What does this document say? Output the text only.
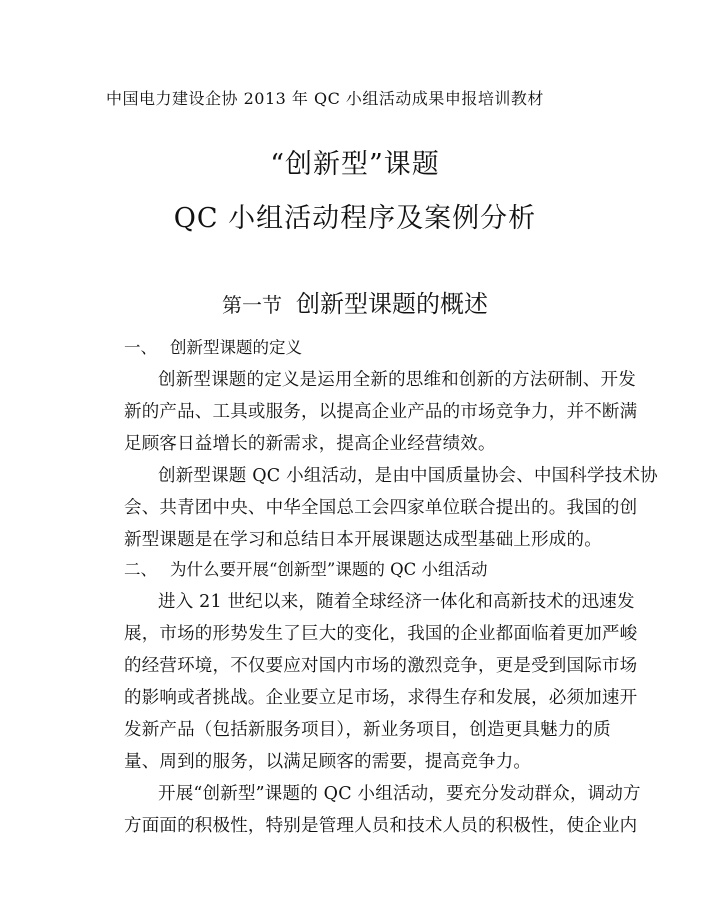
中国电力建设企协 2013 年 QC 小组活动成果申报培训教材
“创新型”课题
QC 小组活动程序及案例分析
第一节 创新型课题的概述
一、 创新型课题的定义
创新型课题的定义是运用全新的思维和创新的方法研制、开发
新的产品、工具或服务，以提高企业产品的市场竞争力，并不断满
足顾客日益增长的新需求，提高企业经营绩效。
创新型课题 QC 小组活动，是由中国质量协会、中国科学技术协
会、共青团中央、中华全国总工会四家单位联合提出的。我国的创
新型课题是在学习和总结日本开展课题达成型基础上形成的。
二、 为什么要开展“创新型”课题的 QC 小组活动
进入 21 世纪以来，随着全球经济一体化和高新技术的迅速发
展，市场的形势发生了巨大的变化，我国的企业都面临着更加严峻
的经营环境，不仅要应对国内市场的激烈竞争，更是受到国际市场
的影响或者挑战。企业要立足市场，求得生存和发展，必须加速开
发新产品（包括新服务项目），新业务项目，创造更具魅力的质
量、周到的服务，以满足顾客的需要，提高竞争力。
开展“创新型”课题的 QC 小组活动，要充分发动群众，调动方
方面面的积极性，特别是管理人员和技术人员的积极性，使企业内
